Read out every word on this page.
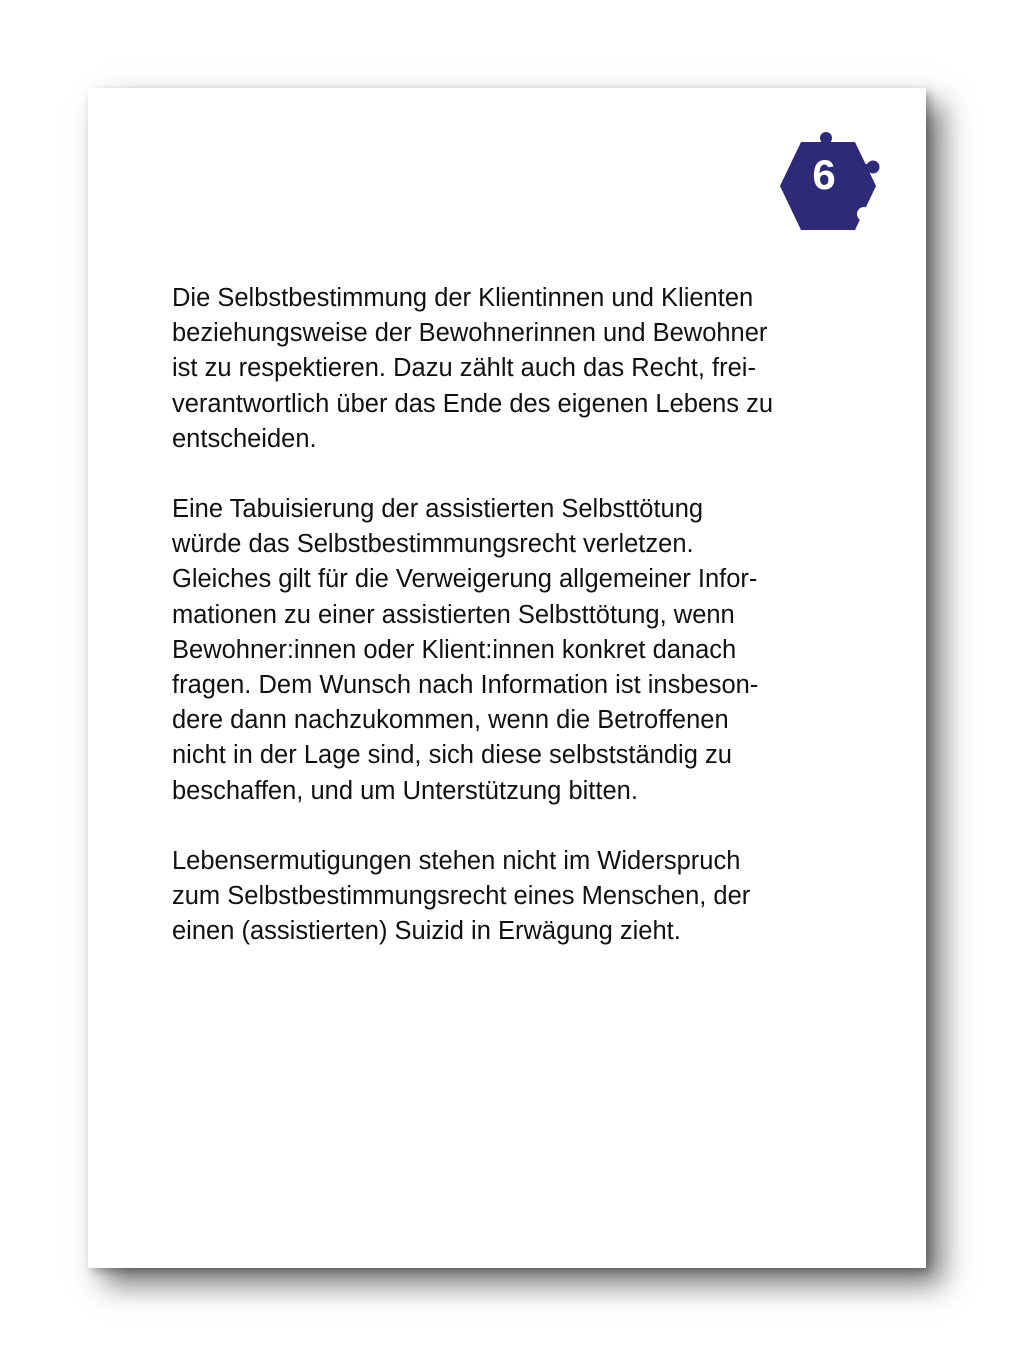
6

Die Selbstbestimmung der Klientinnen und Klienten
beziehungsweise der Bewohnerinnen und Bewohner
ist zu respektieren. Dazu zählt auch das Recht, frei-
verantwortlich über das Ende des eigenen Lebens zu
entscheiden.

Eine Tabuisierung der assistierten Selbsttötung
würde das Selbstbestimmungsrecht verletzen.
Gleiches gilt für die Verweigerung allgemeiner Infor-
mationen zu einer assistierten Selbsttötung, wenn
Bewohner:innen oder Klient:innen konkret danach
fragen. Dem Wunsch nach Information ist insbeson-
dere dann nachzukommen, wenn die Betroffenen
nicht in der Lage sind, sich diese selbstständig zu
beschaffen, und um Unterstützung bitten.

Lebensermutigungen stehen nicht im Widerspruch
zum Selbstbestimmungsrecht eines Menschen, der
einen (assistierten) Suizid in Erwägung zieht.
